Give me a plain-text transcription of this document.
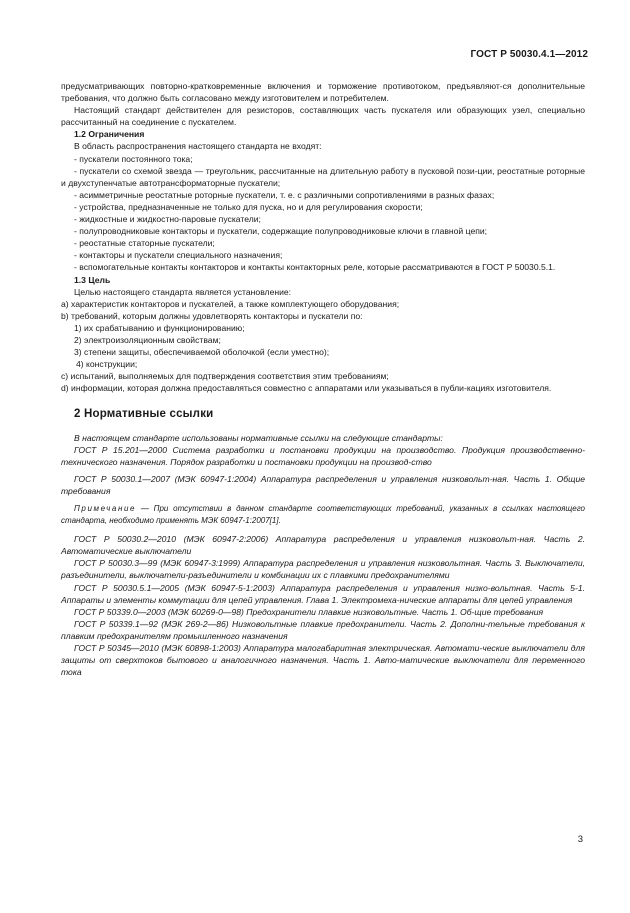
ГОСТ Р 50030.4.1—2012

предусматривающих повторно-кратковременные включения и торможение противотоком, предъявляют-ся дополнительные требования, что должно быть согласовано между изготовителем и потребителем.

Настоящий стандарт действителен для резисторов, составляющих часть пускателя или образующих узел, специально рассчитанный на соединение с пускателем.

1.2 Ограничения

В область распространения настоящего стандарта не входят:

- пускатели постоянного тока;

- пускатели со схемой звезда — треугольник, рассчитанные на длительную работу в пусковой пози-ции, реостатные роторные и двухступенчатые автотрансформаторные пускатели;

- асимметричные реостатные роторные пускатели, т. е. с различными сопротивлениями в разных фазах;

- устройства, предназначенные не только для пуска, но и для регулирования скорости;

- жидкостные и жидкостно-паровые пускатели;

- полупроводниковые контакторы и пускатели, содержащие полупроводниковые ключи в главной цепи;

- реостатные статорные пускатели;

- контакторы и пускатели специального назначения;

- вспомогательные контакты контакторов и контакты контакторных реле, которые рассматриваются в ГОСТ Р 50030.5.1.

1.3 Цель

Целью настоящего стандарта является установление:

a) характеристик контакторов и пускателей, а также комплектующего оборудования;

b) требований, которым должны удовлетворять контакторы и пускатели по:

1) их срабатыванию и функционированию;

2) электроизоляционным свойствам;

3) степени защиты, обеспечиваемой оболочкой (если уместно);

4) конструкции;

c) испытаний, выполняемых для подтверждения соответствия этим требованиям;

d) информации, которая должна предоставляться совместно с аппаратами или указываться в публи-кациях изготовителя.

2 Нормативные ссылки

В настоящем стандарте использованы нормативные ссылки на следующие стандарты:

ГОСТ Р 15.201—2000 Система разработки и постановки продукции на производство. Продукция производственно-технического назначения. Порядок разработки и постановки продукции на производ-ство

ГОСТ Р 50030.1—2007 (МЭК 60947-1:2004) Аппаратура распределения и управления низковольт-ная. Часть 1. Общие требования

Примечание — При отсутствии в данном стандарте соответствующих требований, указанных в ссылках настоящего стандарта, необходимо применять МЭК 60947-1:2007[1].

ГОСТ Р 50030.2—2010 (МЭК 60947-2:2006) Аппаратура распределения и управления низковольт-ная. Часть 2. Автоматические выключатели

ГОСТ Р 50030.3—99 (МЭК 60947-3:1999) Аппаратура распределения и управления низковольтная. Часть 3. Выключатели, разъединители, выключатели-разъединители и комбинации их с плавкими предохранителями

ГОСТ Р 50030.5.1—2005 (МЭК 60947-5-1:2003) Аппаратура распределения и управления низко-вольтная. Часть 5-1. Аппараты и элементы коммутации для цепей управления. Глава 1. Электромеха-нические аппараты для цепей управления

ГОСТ Р 50339.0—2003 (МЭК 60269-0—98) Предохранители плавкие низковольтные. Часть 1. Об-щие требования

ГОСТ Р 50339.1—92 (МЭК 269-2—86) Низковольтные плавкие предохранители. Часть 2. Дополни-тельные требования к плавким предохранителям промышленного назначения

ГОСТ Р 50345—2010 (МЭК 60898-1:2003) Аппаратура малогабаритная электрическая. Автомати-ческие выключатели для защиты от сверхтоков бытового и аналогичного назначения. Часть 1. Авто-матические выключатели для переменного тока

3
